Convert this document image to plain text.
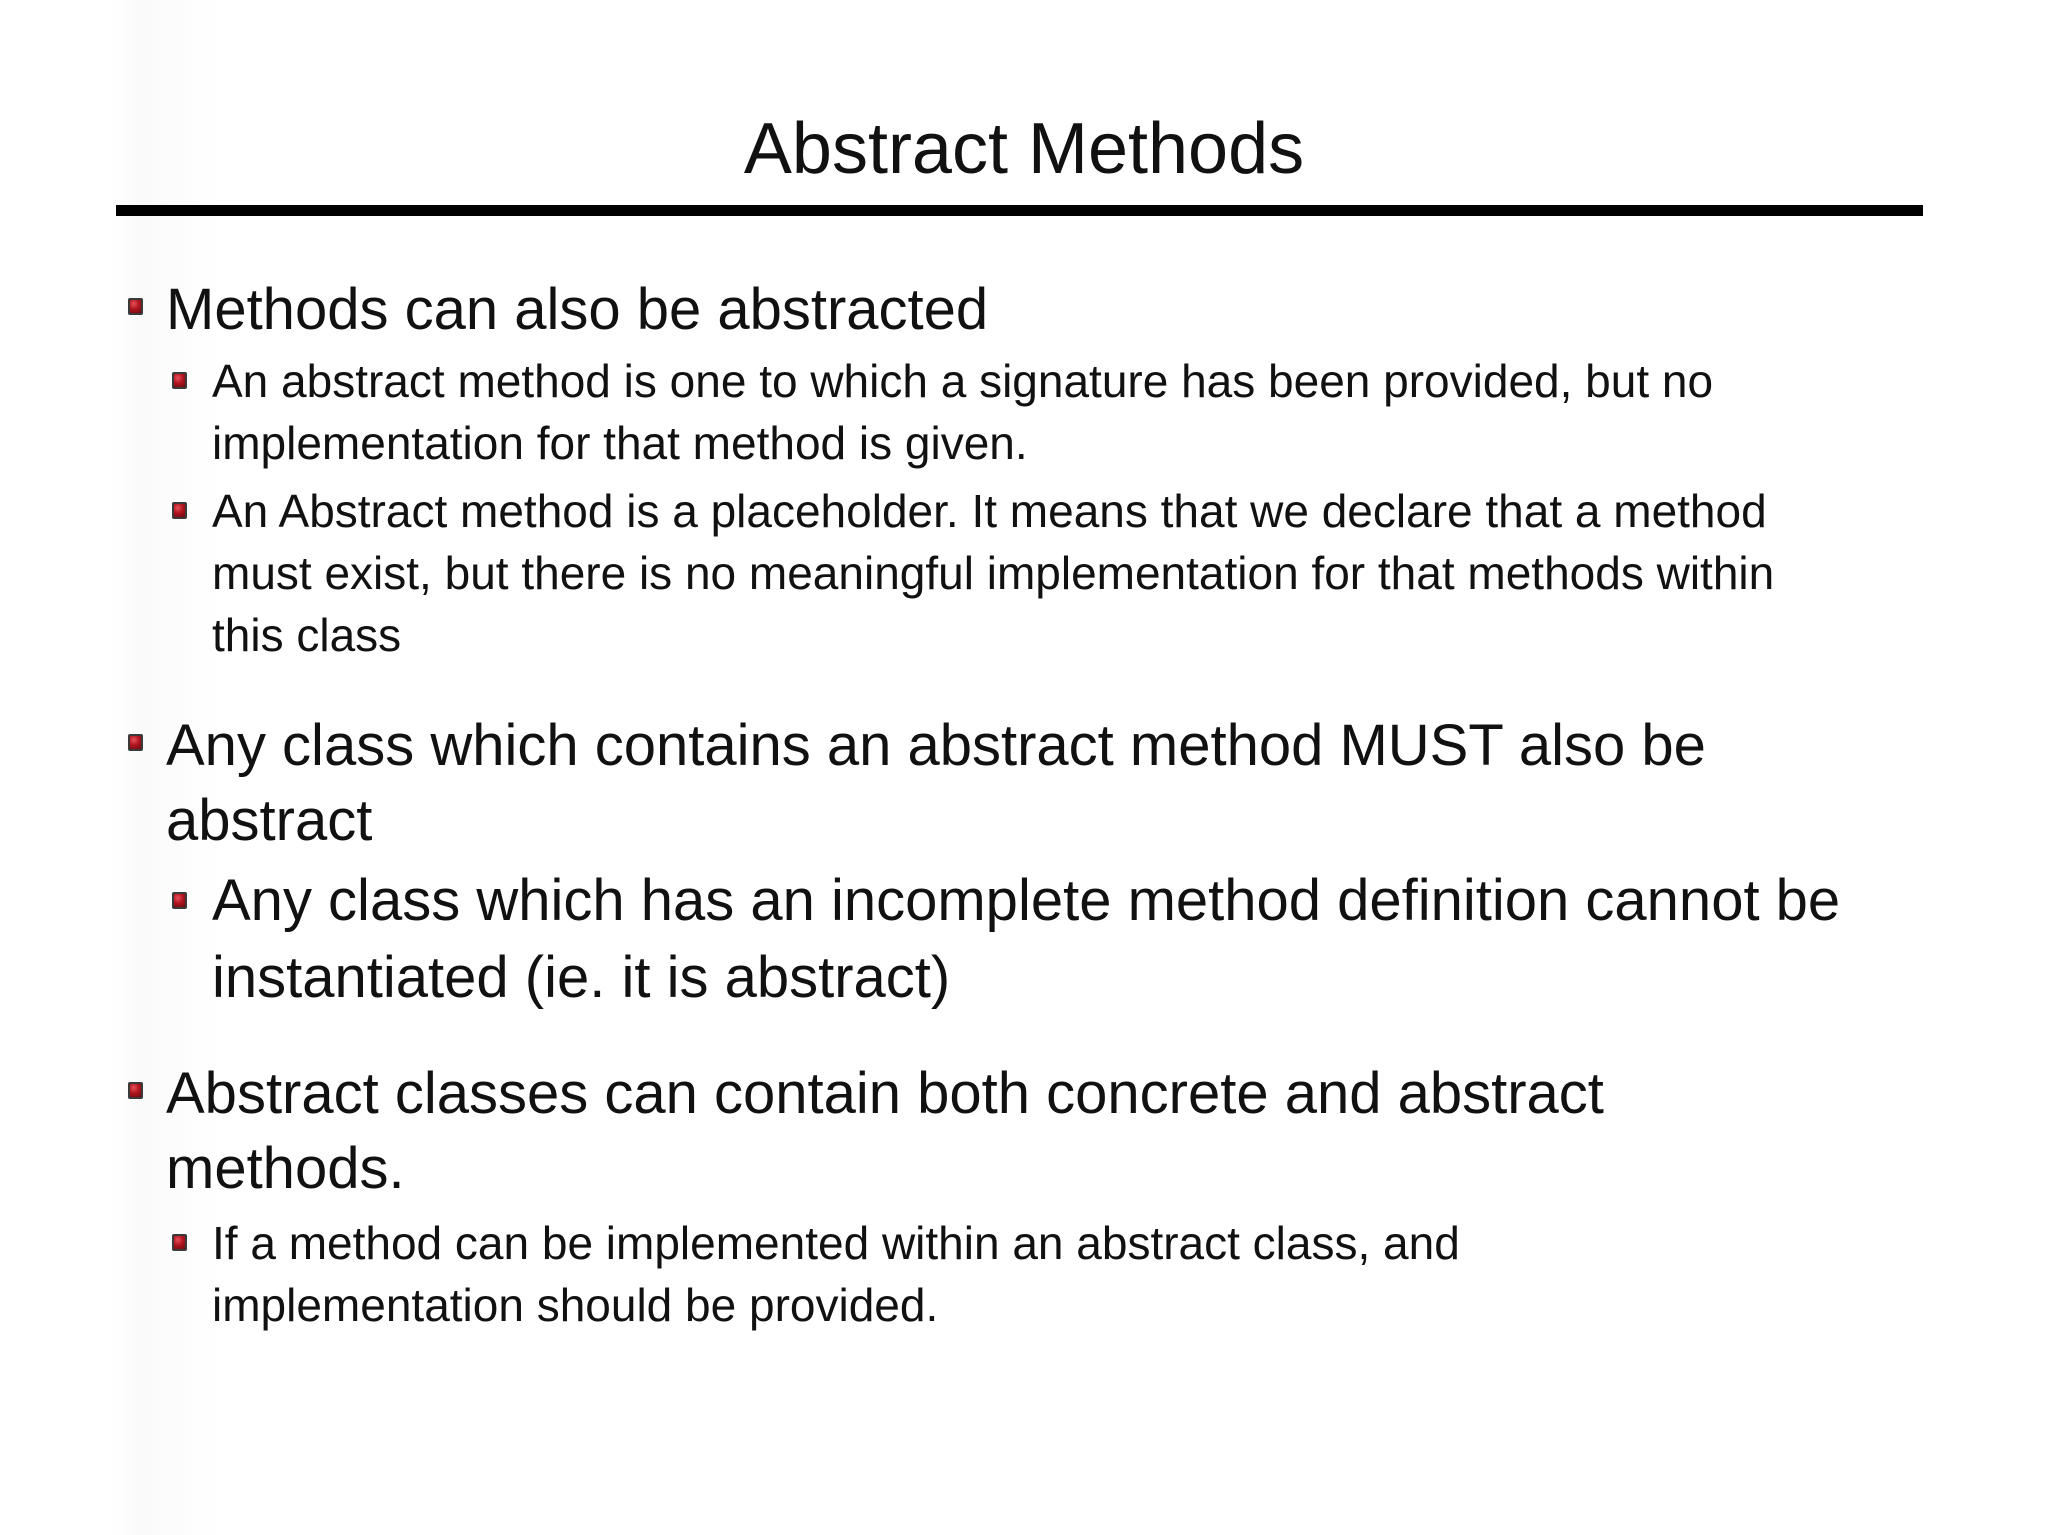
Abstract Methods
Methods can also be abstracted
An abstract method is one to which a signature has been provided, but no implementation for that method is given.
An Abstract method is a placeholder. It means that we declare that a method must exist, but there is no meaningful implementation for that methods within this class
Any class which contains an abstract method MUST also be abstract
Any class which has an incomplete method definition cannot be instantiated (ie. it is abstract)
Abstract classes can contain both concrete and abstract methods.
If a method can be implemented within an abstract class, and implementation should be provided.
